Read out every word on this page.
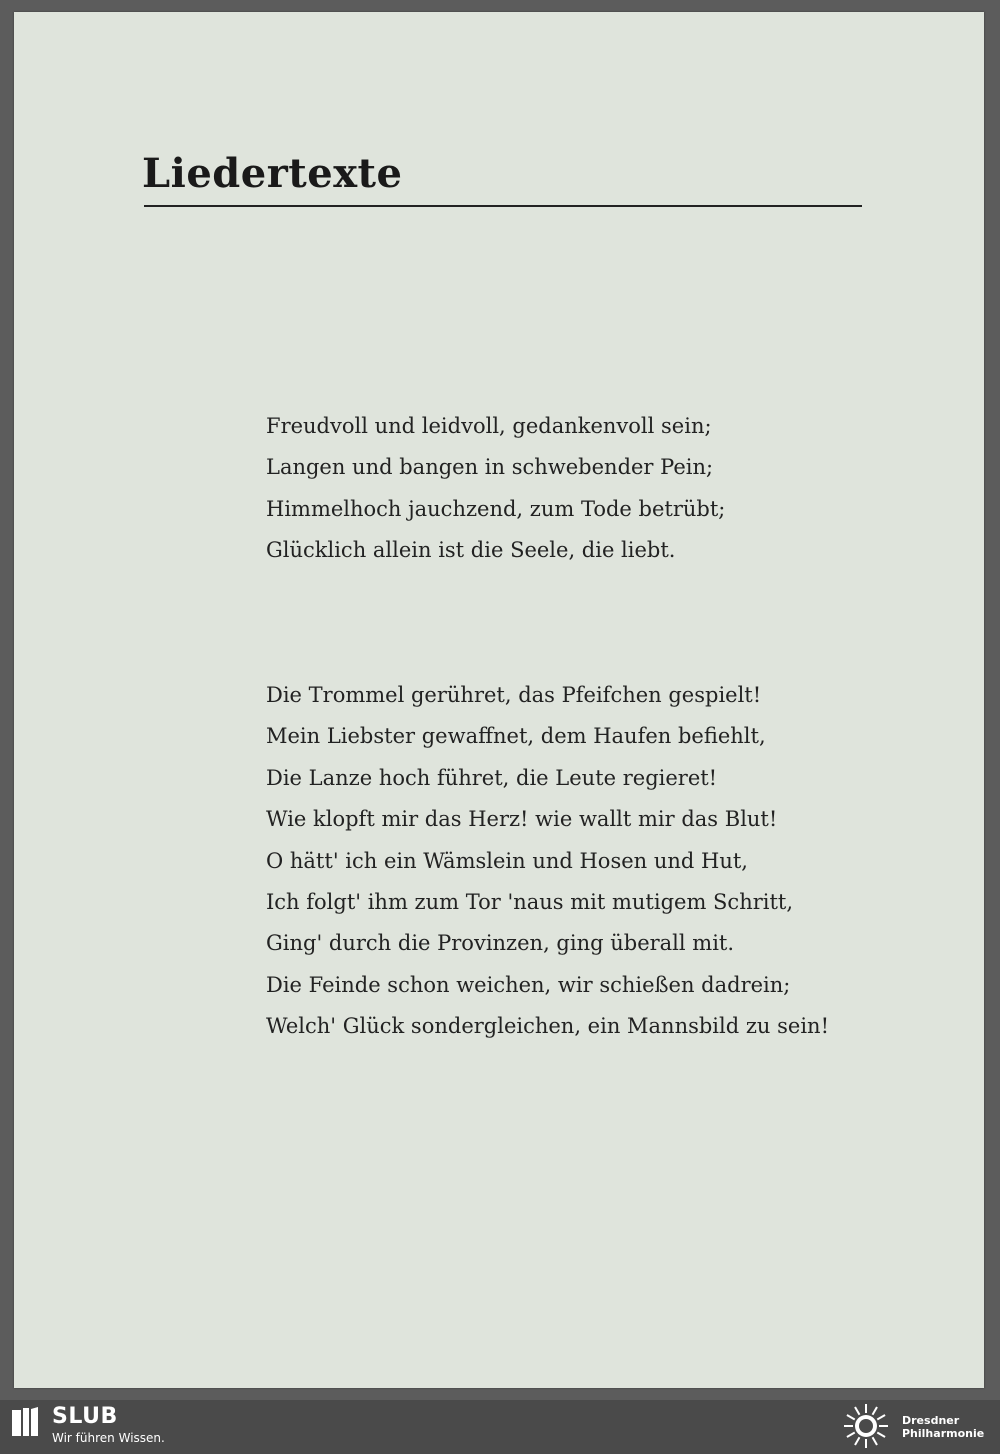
Liedertexte
Freudvoll und leidvoll, gedankenvoll sein;
Langen und bangen in schwebender Pein;
Himmelhoch jauchzend, zum Tode betrübt;
Glücklich allein ist die Seele, die liebt.
Die Trommel gerühret, das Pfeifchen gespielt!
Mein Liebster gewaffnet, dem Haufen befiehlt,
Die Lanze hoch führet, die Leute regieret!
Wie klopft mir das Herz! wie wallt mir das Blut!
O hätt' ich ein Wämslein und Hosen und Hut,
Ich folgt' ihm zum Tor 'naus mit mutigem Schritt,
Ging' durch die Provinzen, ging überall mit.
Die Feinde schon weichen, wir schießen dadrein;
Welch' Glück sondergleichen, ein Mannsbild zu sein!
SLUB
Wir führen Wissen.
Dresdner
Philharmonie
